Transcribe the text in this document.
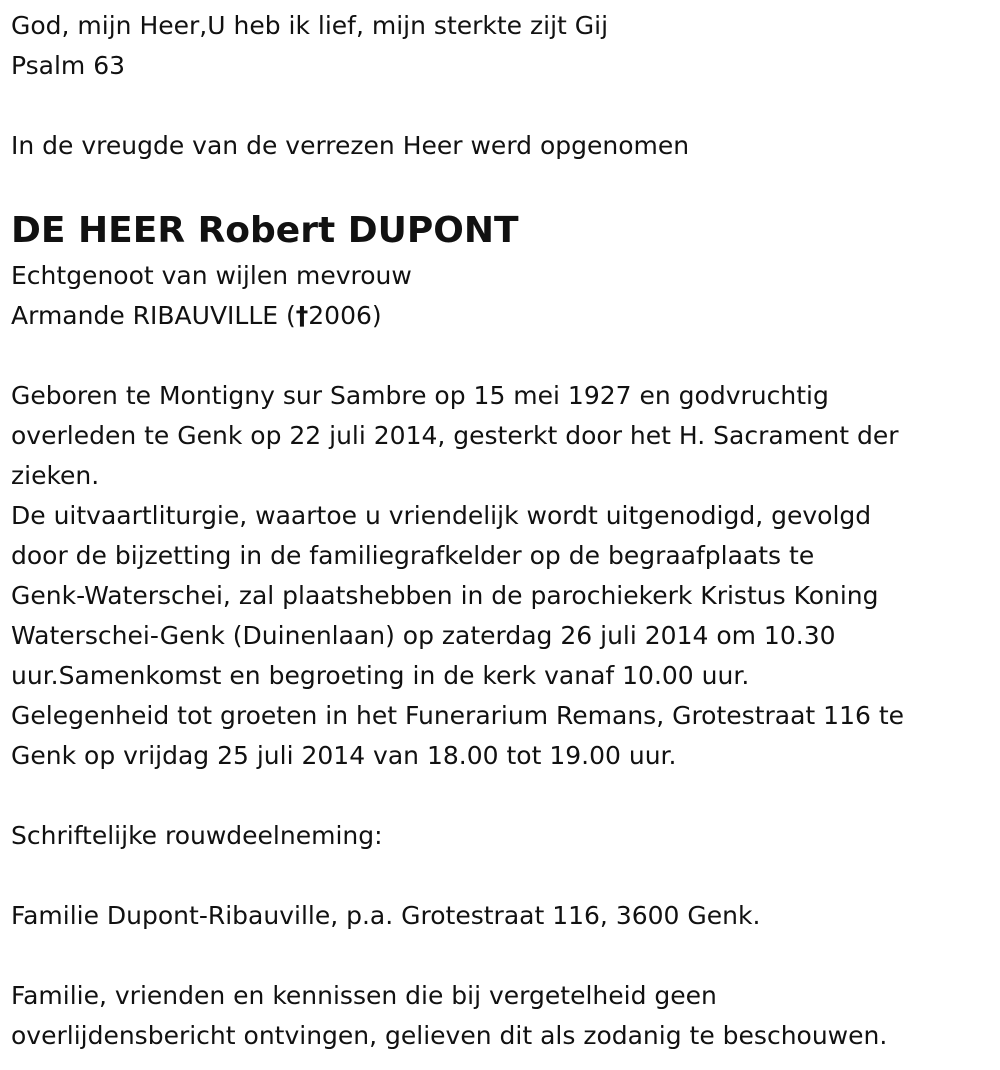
God, mijn Heer,U heb ik lief, mijn sterkte zijt Gij

Psalm 63

In de vreugde van de verrezen Heer werd opgenomen

DE HEER Robert DUPONT

Echtgenoot van wijlen mevrouw

Armande RIBAUVILLE (†2006)

Geboren te Montigny sur Sambre op 15 mei 1927 en godvruchtig

overleden te Genk op 22 juli 2014, gesterkt door het H. Sacrament der

zieken.

De uitvaartliturgie, waartoe u vriendelijk wordt uitgenodigd, gevolgd

door de bijzetting in de familiegrafkelder op de begraafplaats te

Genk-Waterschei, zal plaatshebben in de parochiekerk Kristus Koning

Waterschei-Genk (Duinenlaan) op zaterdag 26 juli 2014 om 10.30

uur.Samenkomst en begroeting in de kerk vanaf 10.00 uur.

Gelegenheid tot groeten in het Funerarium Remans, Grotestraat 116 te

Genk op vrijdag 25 juli 2014 van 18.00 tot 19.00 uur.

Schriftelijke rouwdeelneming:

Familie Dupont-Ribauville, p.a. Grotestraat 116, 3600 Genk.

Familie, vrienden en kennissen die bij vergetelheid geen

overlijdensbericht ontvingen, gelieven dit als zodanig te beschouwen.
